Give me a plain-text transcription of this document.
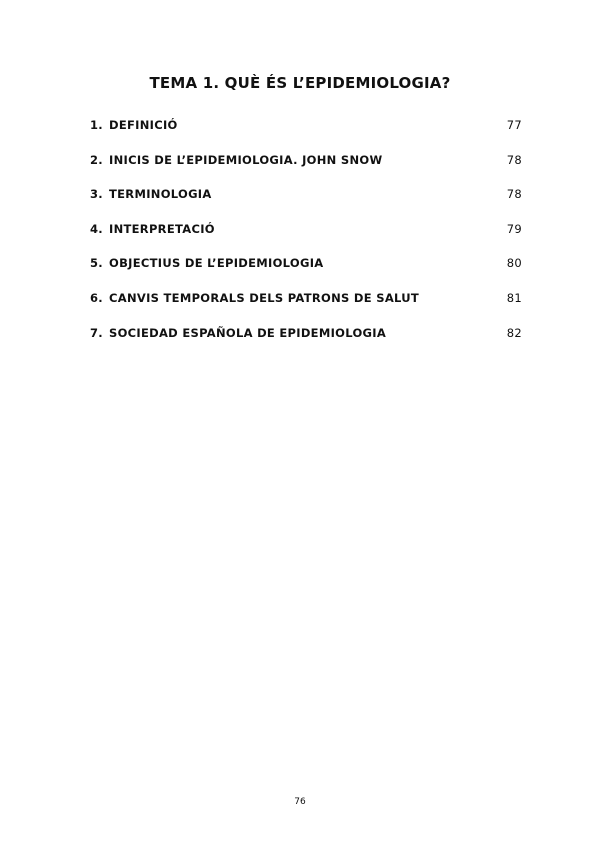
TEMA 1. QUÈ ÉS L’EPIDEMIOLOGIA?
1. DEFINICIÓ	77
2. INICIS DE L’EPIDEMIOLOGIA. JOHN SNOW	78
3. TERMINOLOGIA	78
4. INTERPRETACIÓ	79
5. OBJECTIUS DE L’EPIDEMIOLOGIA	80
6. CANVIS TEMPORALS DELS PATRONS DE SALUT	81
7. SOCIEDAD ESPAÑOLA DE EPIDEMIOLOGIA	82
76
